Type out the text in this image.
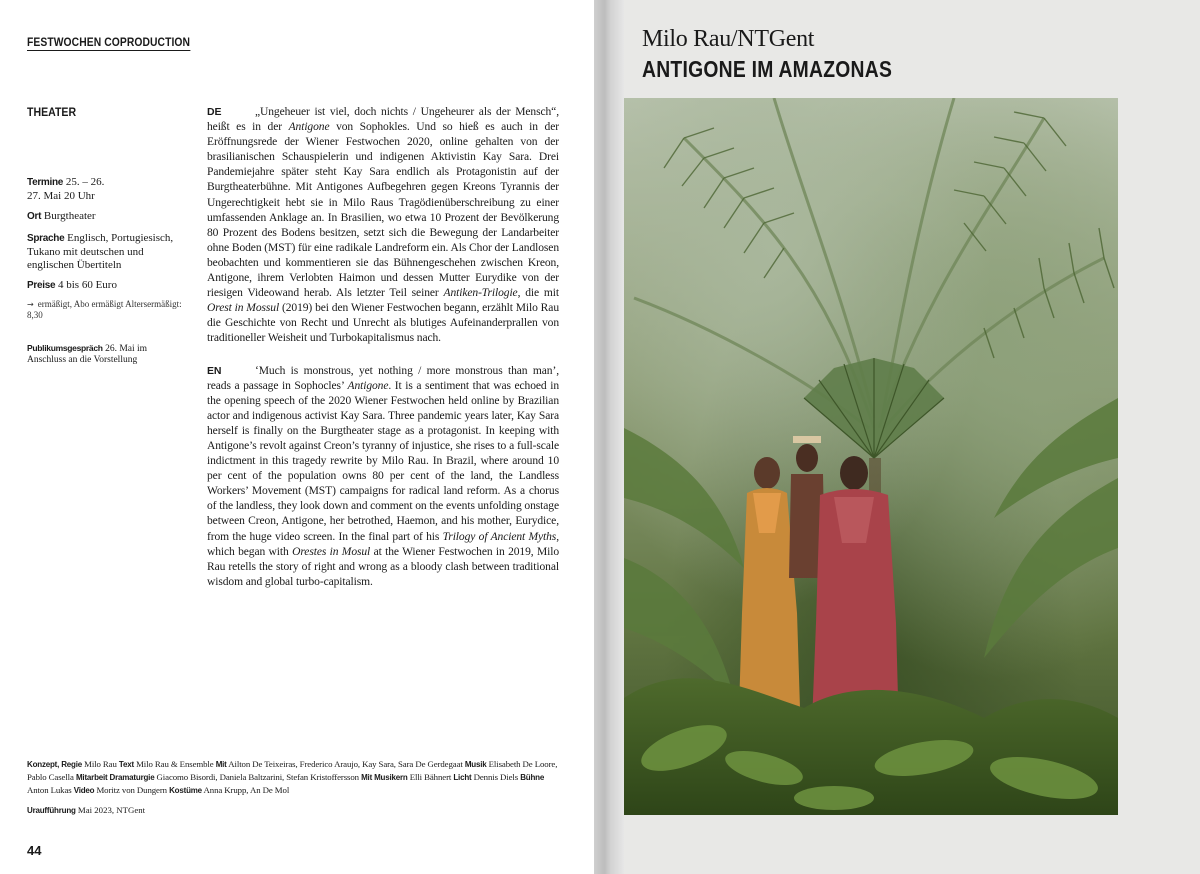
FESTWOCHEN COPRODUCTION
THEATER
Termine 25. – 26.
27. Mai 20 Uhr
Ort Burgtheater
Sprache Englisch, Portugiesisch, Tukano mit deutschen und englischen Übertiteln
Preise 4 bis 60 Euro
→ ermäßigt, Abo ermäßigt Altersermäßigt: 8,30
Publikumsgespräch 26. Mai im Anschluss an die Vorstellung

DE	„Ungeheuer ist viel, doch nichts / Ungeheurer als der Mensch“, heißt es in der Antigone von Sophokles. Und so hieß es auch in der Eröffnungsrede der Wiener Festwochen 2020, online gehalten von der brasilianischen Schauspielerin und indigenen Aktivistin Kay Sara. Drei Pandemiejahre später steht Kay Sara endlich als Protagonistin auf der Burgtheaterbühne. Mit Antigones Aufbegehren gegen Kreons Tyrannis der Ungerechtigkeit hebt sie in Milo Raus Tragödienüberschreibung zu einer umfassenden Anklage an. In Brasilien, wo etwa 10 Prozent der Bevölkerung 80 Prozent des Bodens besitzen, setzt sich die Bewegung der Landarbeiter ohne Boden (MST) für eine radikale Landreform ein. Als Chor der Landlosen beobachten und kommentieren sie das Bühnengeschehen zwischen Kreon, Antigone, ihrem Verlobten Haimon und dessen Mutter Eurydike von der riesigen Videowand herab. Als letzter Teil seiner Antiken-Trilogie, die mit Orest in Mossul (2019) bei den Wiener Festwochen begann, erzählt Milo Rau die Geschichte von Recht und Unrecht als blutiges Aufeinanderprallen von traditioneller Weisheit und Turbokapitalismus nach.

EN	‘Much is monstrous, yet nothing / more monstrous than man’, reads a passage in Sophocles’ Antigone. It is a sentiment that was echoed in the opening speech of the 2020 Wiener Festwochen held online by Brazilian actor and indigenous activist Kay Sara. Three pandemic years later, Kay Sara herself is finally on the Burgtheater stage as a protagonist. In keeping with Antigone’s revolt against Creon’s tyranny of injustice, she rises to a full-scale indictment in this tragedy rewrite by Milo Rau. In Brazil, where around 10 per cent of the population owns 80 per cent of the land, the Landless Workers’ Movement (MST) campaigns for radical land reform. As a chorus of the landless, they look down and comment on the events unfolding onstage between Creon, Antigone, her betrothed, Haemon, and his mother, Eurydice, from the huge video screen. In the final part of his Trilogy of Ancient Myths, which began with Orestes in Mosul at the Wiener Festwochen in 2019, Milo Rau retells the story of right and wrong as a bloody clash between traditional wisdom and global turbo-capitalism.

Konzept, Regie Milo Rau Text Milo Rau & Ensemble Mit Ailton De Teixeiras, Frederico Araujo, Kay Sara, Sara De Gerdegaat Musik Elisabeth De Loore, Pablo Casella Mitarbeit Dramaturgie Giacomo Bisordi, Daniela Baltzarini, Stefan Kristoffersson Mit Musikern Elli Bähnert Licht Dennis Diels Bühne Anton Lukas Video Moritz von Dungern Kostüme Anna Krupp, An De Mol
Uraufführung Mai 2023, NTGent
44
Milo Rau/NTGent
ANTIGONE IM AMAZONAS
